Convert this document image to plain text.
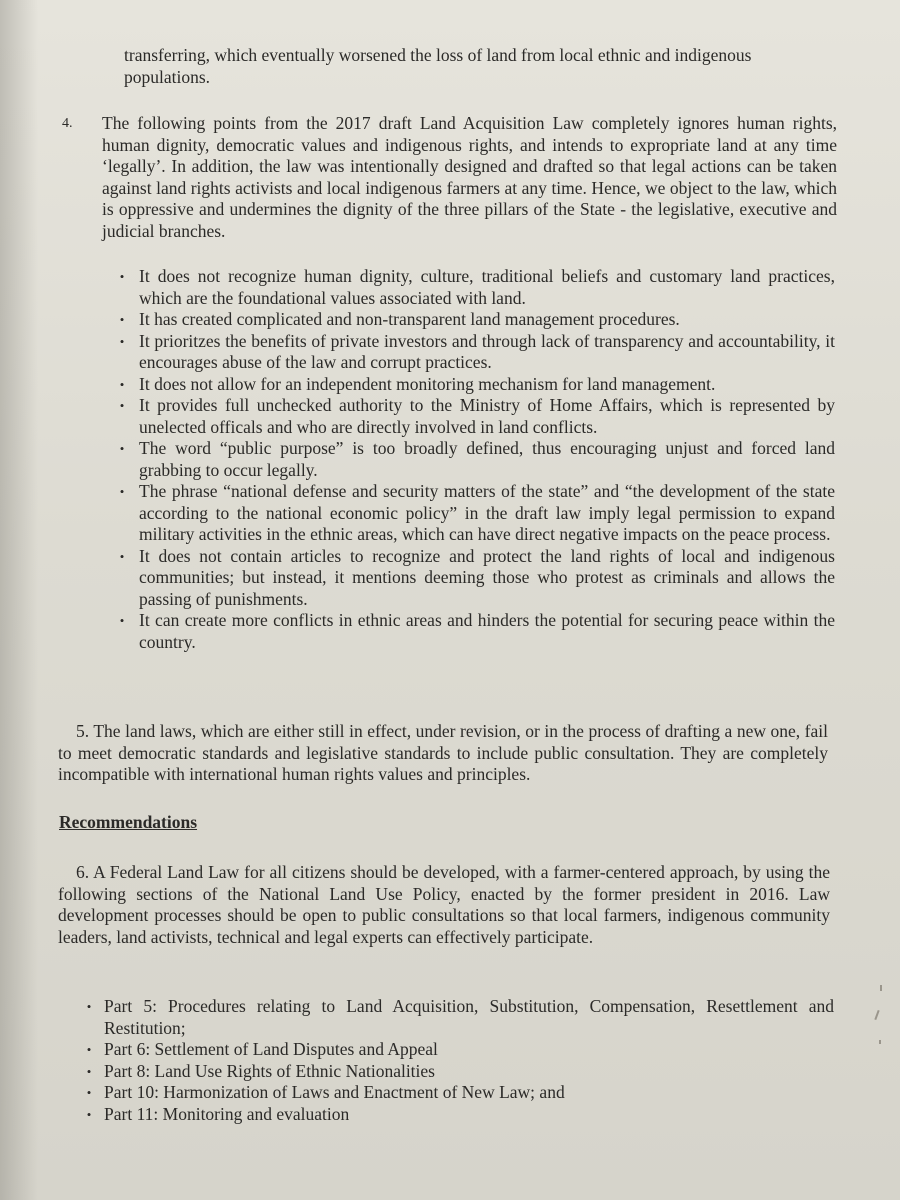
transferring, which eventually worsened the loss of land from local ethnic and indigenous populations.
4. The following points from the 2017 draft Land Acquisition Law completely ignores human rights, human dignity, democratic values and indigenous rights, and intends to expropriate land at any time ‘legally’. In addition, the law was intentionally designed and drafted so that legal actions can be taken against land rights activists and local indigenous farmers at any time. Hence, we object to the law, which is oppressive and undermines the dignity of the three pillars of the State - the legislative, executive and judicial branches.
• It does not recognize human dignity, culture, traditional beliefs and customary land practices, which are the foundational values associated with land.
• It has created complicated and non-transparent land management procedures.
• It prioritzes the benefits of private investors and through lack of transparency and accountability, it encourages abuse of the law and corrupt practices.
• It does not allow for an independent monitoring mechanism for land management.
• It provides full unchecked authority to the Ministry of Home Affairs, which is represented by unelected officals and who are directly involved in land conflicts.
• The word “public purpose” is too broadly defined, thus encouraging unjust and forced land grabbing to occur legally.
• The phrase “national defense and security matters of the state” and “the development of the state according to the national economic policy” in the draft law imply legal permission to expand military activities in the ethnic areas, which can have direct negative impacts on the peace process.
• It does not contain articles to recognize and protect the land rights of local and indigenous communities; but instead, it mentions deeming those who protest as criminals and allows the passing of punishments.
• It can create more conflicts in ethnic areas and hinders the potential for securing peace within the country.
5. The land laws, which are either still in effect, under revision, or in the process of drafting a new one, fail to meet democratic standards and legislative standards to include public consultation. They are completely incompatible with international human rights values and principles.
Recommendations
6. A Federal Land Law for all citizens should be developed, with a farmer-centered approach, by using the following sections of the National Land Use Policy, enacted by the former president in 2016. Law development processes should be open to public consultations so that local farmers, indigenous community leaders, land activists, technical and legal experts can effectively participate.
• Part 5: Procedures relating to Land Acquisition, Substitution, Compensation, Resettlement and Restitution;
• Part 6: Settlement of Land Disputes and Appeal
• Part 8: Land Use Rights of Ethnic Nationalities
• Part 10: Harmonization of Laws and Enactment of New Law; and
• Part 11: Monitoring and evaluation
